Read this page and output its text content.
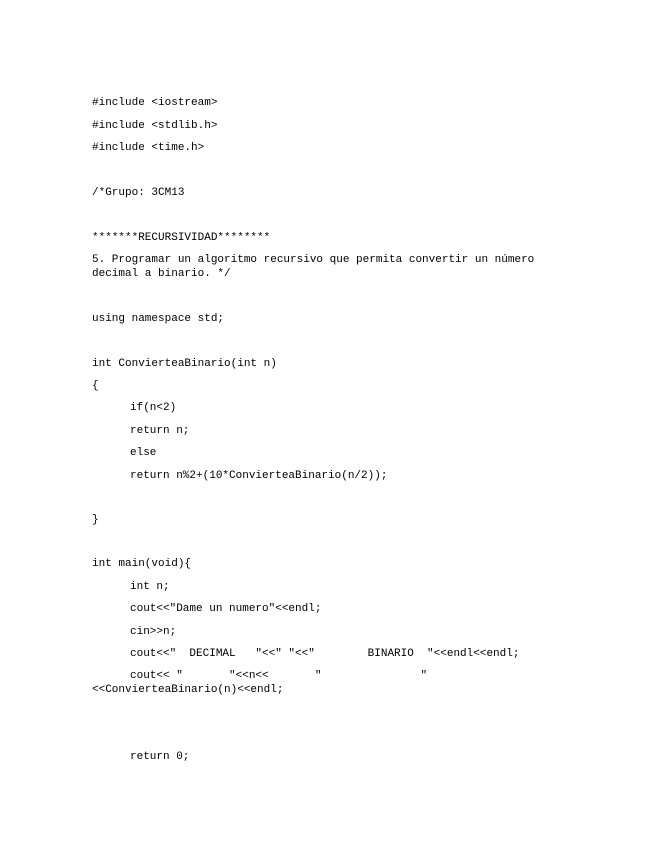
#include <iostream>

#include <stdlib.h>

#include <time.h>

/*Grupo: 3CM13

*******RECURSIVIDAD********

5. Programar un algoritmo recursivo que permita convertir un número

decimal a binario. */

using namespace std;

int ConviertеaBinario(int n)

{

if(n<2)

return n;

else

return n%2+(10*ConvierteaBinario(n/2));

}

int main(void){

int n;

cout<<"Dame un numero"<<endl;

cin>>n;

cout<<"  DECIMAL   "<<" "<<"        BINARIO  "<<endl<<endl;

cout<< "       "<<n<<       "               "

<<ConvierteaBinario(n)<<endl;

return 0;
